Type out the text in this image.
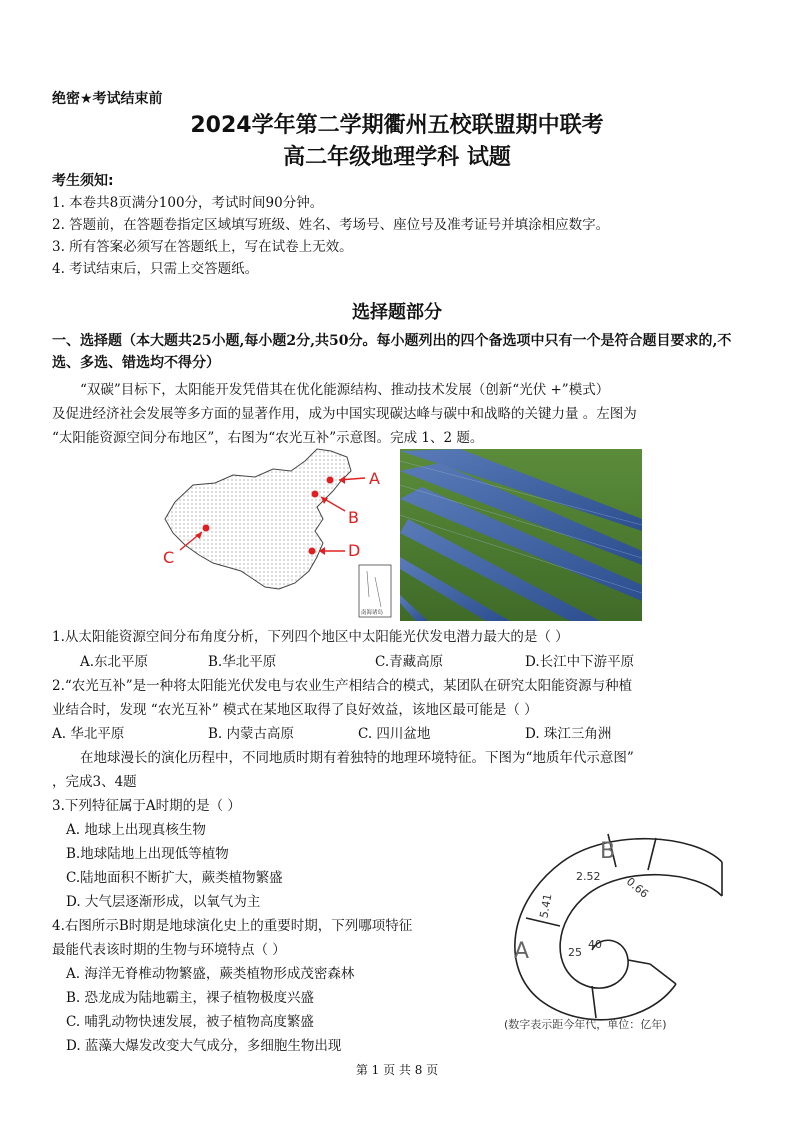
绝密★考试结束前
2024学年第二学期衢州五校联盟期中联考
高二年级地理学科 试题
考生须知:
1. 本卷共8页满分100分，考试时间90分钟。
2. 答题前，在答题卷指定区域填写班级、姓名、考场号、座位号及准考证号并填涂相应数字。
3. 所有答案必须写在答题纸上，写在试卷上无效。
4. 考试结束后，只需上交答题纸。
选择题部分
一、选择题（本大题共25小题,每小题2分,共50分。每小题列出的四个备选项中只有一个是符合题目要求的,不选、多选、错选均不得分）
“双碳”目标下，太阳能开发凭借其在优化能源结构、推动技术发展（创新“光伏 +”模式）
及促进经济社会发展等多方面的显著作用，成为中国实现碳达峰与碳中和战略的关键力量 。左图为
“太阳能资源空间分布地区”，右图为“农光互补”示意图。完成 1、2 题。
南海诸岛
A
B
C	D
1.从太阳能资源空间分布角度分析，下列四个地区中太阳能光伏发电潜力最大的是（ ）
A.东北平原	B.华北平原	C.青藏高原	D.长江中下游平原
2.“农光互补”是一种将太阳能光伏发电与农业生产相结合的模式，某团队在研究太阳能资源与种植
业结合时，发现 “农光互补” 模式在某地区取得了良好效益，该地区最可能是（ ）
A. 华北平原	B. 内蒙古高原	C. 四川盆地	D. 珠江三角洲
在地球漫长的演化历程中，不同地质时期有着独特的地理环境特征。下图为“地质年代示意图”
，完成3、4题
3.下列特征属于A时期的是（ ）
A. 地球上出现真核生物
B.地球陆地上出现低等植物
C.陆地面积不断扩大，蕨类植物繁盛
D. 大气层逐渐形成，以氧气为主
4.右图所示B时期是地球演化史上的重要时期，下列哪项特征
最能代表该时期的生物与环境特点（ ）
A. 海洋无脊椎动物繁盛，蕨类植物形成茂密森林
B. 恐龙成为陆地霸主，裸子植物极度兴盛
C. 哺乳动物快速发展，被子植物高度繁盛
D. 蓝藻大爆发改变大气成分，多细胞生物出现
B
A
2.52 0.66
5.41
25
40
(数字表示距今年代，单位：亿年)
第 1 页 共 8 页
